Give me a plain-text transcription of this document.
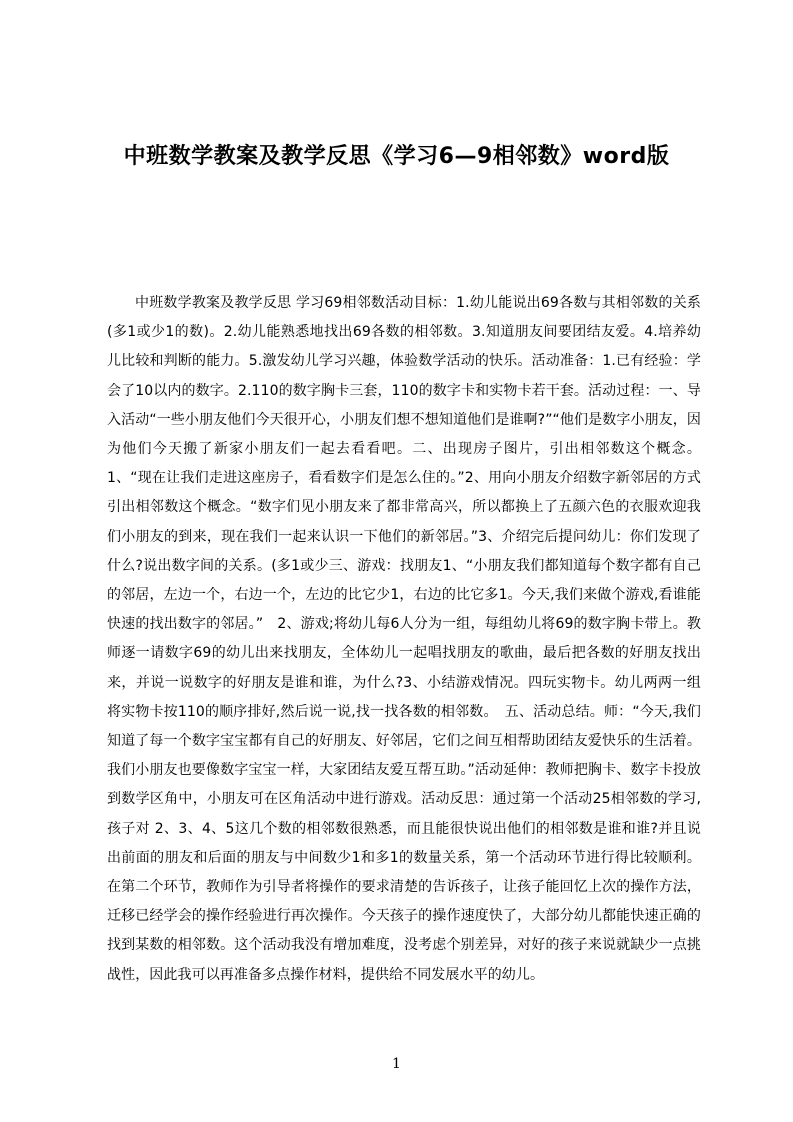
中班数学教案及教学反思《学习6—9相邻数》word版

中班数学教案及教学反思 学习69相邻数活动目标：1.幼儿能说出69各数与其相邻数的关系(多1或少1的数)。2.幼儿能熟悉地找出69各数的相邻数。3.知道朋友间要团结友爱。4.培养幼儿比较和判断的能力。5.激发幼儿学习兴趣，体验数学活动的快乐。活动准备：1.已有经验：学会了10以内的数字。2.110的数字胸卡三套，110的数字卡和实物卡若干套。活动过程：一、导入活动“一些小朋友他们今天很开心，小朋友们想不想知道他们是谁啊?”“他们是数字小朋友，因为他们今天搬了新家小朋友们一起去看看吧。二、出现房子图片，引出相邻数这个概念。1、“现在让我们走进这座房子，看看数字们是怎么住的。”2、用向小朋友介绍数字新邻居的方式引出相邻数这个概念。“数字们见小朋友来了都非常高兴，所以都换上了五颜六色的衣服欢迎我们小朋友的到来，现在我们一起来认识一下他们的新邻居。”3、介绍完后提问幼儿：你们发现了什么?说出数字间的关系。(多1或少三、游戏：找朋友1、“小朋友我们都知道每个数字都有自己的邻居，左边一个，右边一个，左边的比它少1，右边的比它多1。今天,我们来做个游戏,看谁能快速的找出数字的邻居。”　2、游戏;将幼儿每6人分为一组，每组幼儿将69的数字胸卡带上。教师逐一请数字69的幼儿出来找朋友，全体幼儿一起唱找朋友的歌曲，最后把各数的好朋友找出来，并说一说数字的好朋友是谁和谁，为什么?3、小结游戏情况。四玩实物卡。幼儿两两一组将实物卡按110的顺序排好,然后说一说,找一找各数的相邻数。　五、活动总结。师：“今天,我们知道了每一个数字宝宝都有自己的好朋友、好邻居，它们之间互相帮助团结友爱快乐的生活着。我们小朋友也要像数字宝宝一样，大家团结友爱互帮互助。”活动延伸：教师把胸卡、数字卡投放到数学区角中，小朋友可在区角活动中进行游戏。活动反思：通过第一个活动25相邻数的学习,孩子对 2、3、4、5这几个数的相邻数很熟悉，而且能很快说出他们的相邻数是谁和谁?并且说出前面的朋友和后面的朋友与中间数少1和多1的数量关系，第一个活动环节进行得比较顺利。在第二个环节，教师作为引导者将操作的要求清楚的告诉孩子，让孩子能回忆上次的操作方法，迁移已经学会的操作经验进行再次操作。今天孩子的操作速度快了，大部分幼儿都能快速正确的找到某数的相邻数。这个活动我没有增加难度，没考虑个别差异，对好的孩子来说就缺少一点挑战性，因此我可以再准备多点操作材料，提供给不同发展水平的幼儿。

1
